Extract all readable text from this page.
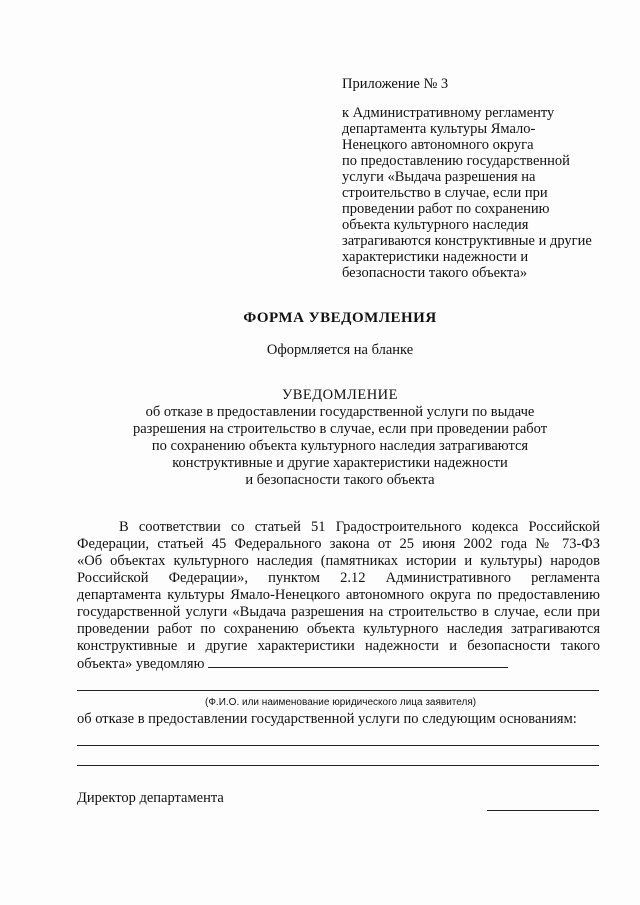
Приложение № 3
к Административному регламенту
департамента культуры Ямало-
Ненецкого автономного округа
по предоставлению государственной
услуги «Выдача разрешения на
строительство в случае, если при
проведении работ по сохранению
объекта культурного наследия
затрагиваются конструктивные и другие
характеристики надежности и
безопасности такого объекта»
ФОРМА УВЕДОМЛЕНИЯ
Оформляется на бланке
УВЕДОМЛЕНИЕ
об отказе в предоставлении государственной услуги по выдаче
разрешения на строительство в случае, если при проведении работ
по сохранению объекта культурного наследия затрагиваются
конструктивные и другие характеристики надежности
и безопасности такого объекта
В соответствии со статьей 51 Градостроительного кодекса Российской
Федерации, статьей 45 Федерального закона от 25 июня 2002 года № 73-ФЗ
«Об объектах культурного наследия (памятниках истории и культуры) народов
Российской Федерации», пунктом 2.12 Административного регламента
департамента культуры Ямало-Ненецкого автономного округа по предоставлению
государственной услуги «Выдача разрешения на строительство в случае, если при
проведении работ по сохранению объекта культурного наследия затрагиваются
конструктивные и другие характеристики надежности и безопасности такого
объекта» уведомляю
(Ф.И.О. или наименование юридического лица заявителя)
об отказе в предоставлении государственной услуги по следующим основаниям:
Директор департамента
